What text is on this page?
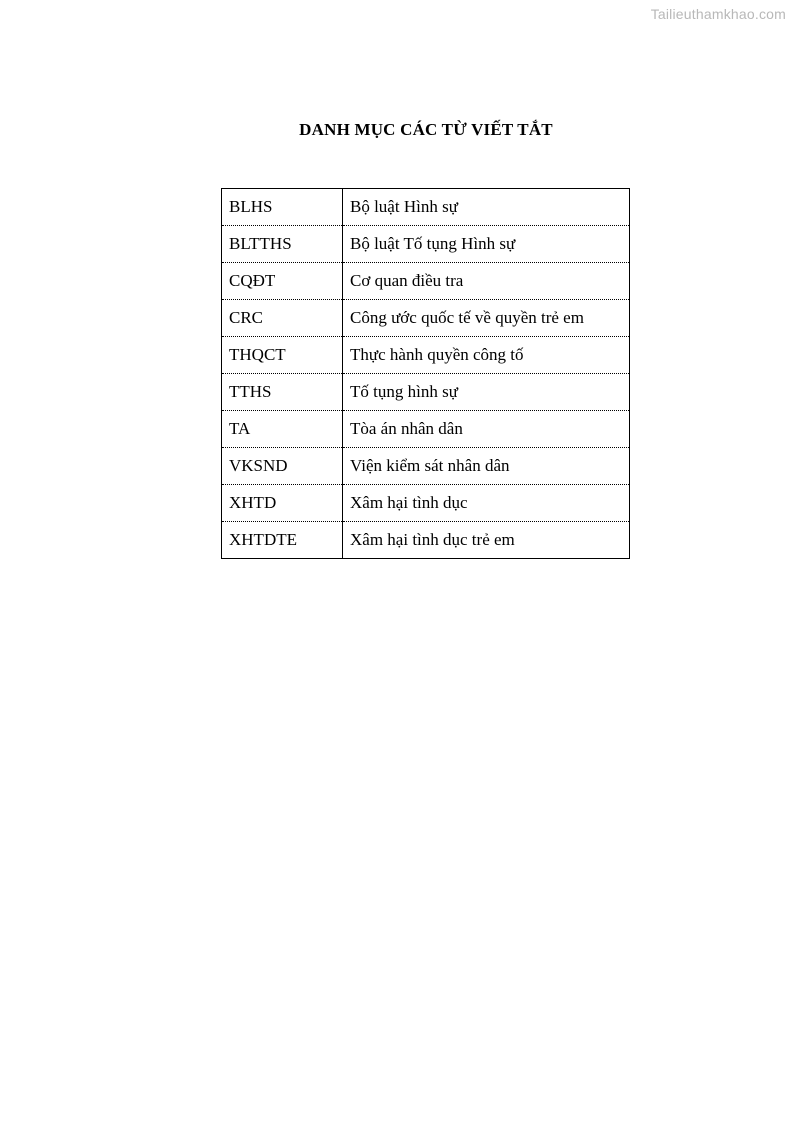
Tailieuthamkhao.com
DANH MỤC CÁC TỪ VIẾT TẮT
BLHS	Bộ luật Hình sự
BLTTHS	Bộ luật Tố tụng Hình sự
CQĐT	Cơ quan điều tra
CRC	Công ước quốc tế về quyền trẻ em
THQCT	Thực hành quyền công tố
TTHS	Tố tụng hình sự
TA	Tòa án nhân dân
VKSND	Viện kiểm sát nhân dân
XHTD	Xâm hại tình dục
XHTDTE	Xâm hại tình dục trẻ em
